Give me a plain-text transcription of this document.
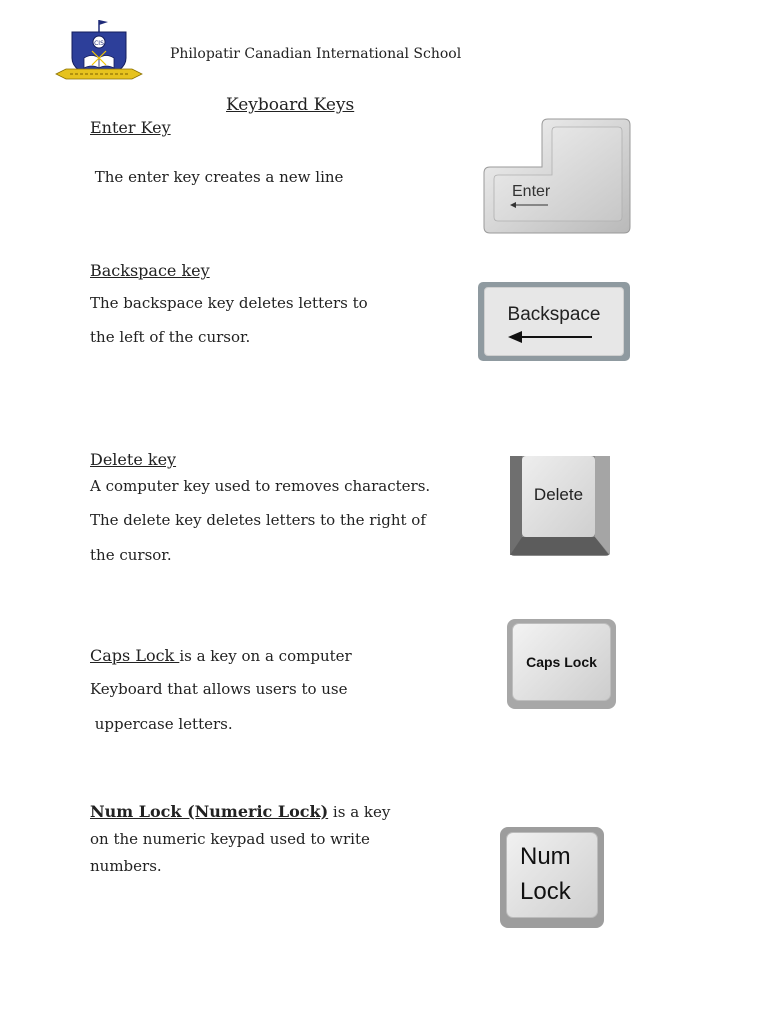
CIS
Philopatir Canadian International School
Keyboard Keys
Enter Key
The enter key creates a new line
Enter
Backspace key
The backspace key deletes letters to
the left of the cursor.
Backspace
Delete key
A computer key used to removes characters.
The delete key deletes letters to the right of
the cursor.
Delete
Caps Lock is a key on a computer
Keyboard that allows users to use
uppercase letters.
Caps Lock
Num Lock (Numeric Lock) is a key
on the numeric keypad used to write
numbers.	Num
Lock
